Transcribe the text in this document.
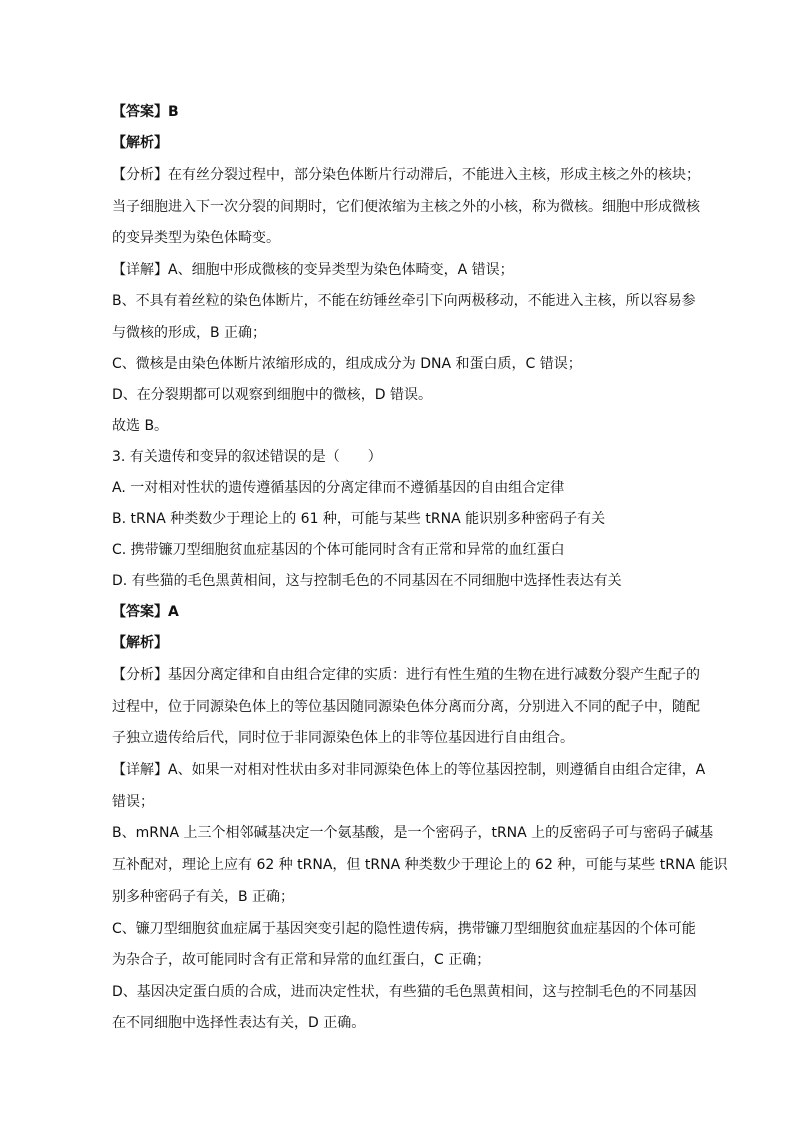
【答案】B
【解析】
【分析】在有丝分裂过程中，部分染色体断片行动滞后，不能进入主核，形成主核之外的核块；
当子细胞进入下一次分裂的间期时，它们便浓缩为主核之外的小核，称为微核。细胞中形成微核
的变异类型为染色体畸变。
【详解】A、细胞中形成微核的变异类型为染色体畸变，A 错误；
B、不具有着丝粒的染色体断片，不能在纺锤丝牵引下向两极移动，不能进入主核，所以容易参
与微核的形成，B 正确；
C、微核是由染色体断片浓缩形成的，组成成分为 DNA 和蛋白质，C 错误；
D、在分裂期都可以观察到细胞中的微核，D 错误。
故选 B。
3. 有关遗传和变异的叙述错误的是（　　）
A. 一对相对性状的遗传遵循基因的分离定律而不遵循基因的自由组合定律
B. tRNA 种类数少于理论上的 61 种，可能与某些 tRNA 能识别多种密码子有关
C. 携带镰刀型细胞贫血症基因的个体可能同时含有正常和异常的血红蛋白
D. 有些猫的毛色黑黄相间，这与控制毛色的不同基因在不同细胞中选择性表达有关
【答案】A
【解析】
【分析】基因分离定律和自由组合定律的实质：进行有性生殖的生物在进行减数分裂产生配子的
过程中，位于同源染色体上的等位基因随同源染色体分离而分离，分别进入不同的配子中，随配
子独立遗传给后代，同时位于非同源染色体上的非等位基因进行自由组合。
【详解】A、如果一对相对性状由多对非同源染色体上的等位基因控制，则遵循自由组合定律，A
错误；
B、mRNA 上三个相邻碱基决定一个氨基酸，是一个密码子，tRNA 上的反密码子可与密码子碱基
互补配对，理论上应有 62 种 tRNA，但 tRNA 种类数少于理论上的 62 种，可能与某些 tRNA 能识
别多种密码子有关，B 正确；
C、镰刀型细胞贫血症属于基因突变引起的隐性遗传病，携带镰刀型细胞贫血症基因的个体可能
为杂合子，故可能同时含有正常和异常的血红蛋白，C 正确；
D、基因决定蛋白质的合成，进而决定性状，有些猫的毛色黑黄相间，这与控制毛色的不同基因
在不同细胞中选择性表达有关，D 正确。
